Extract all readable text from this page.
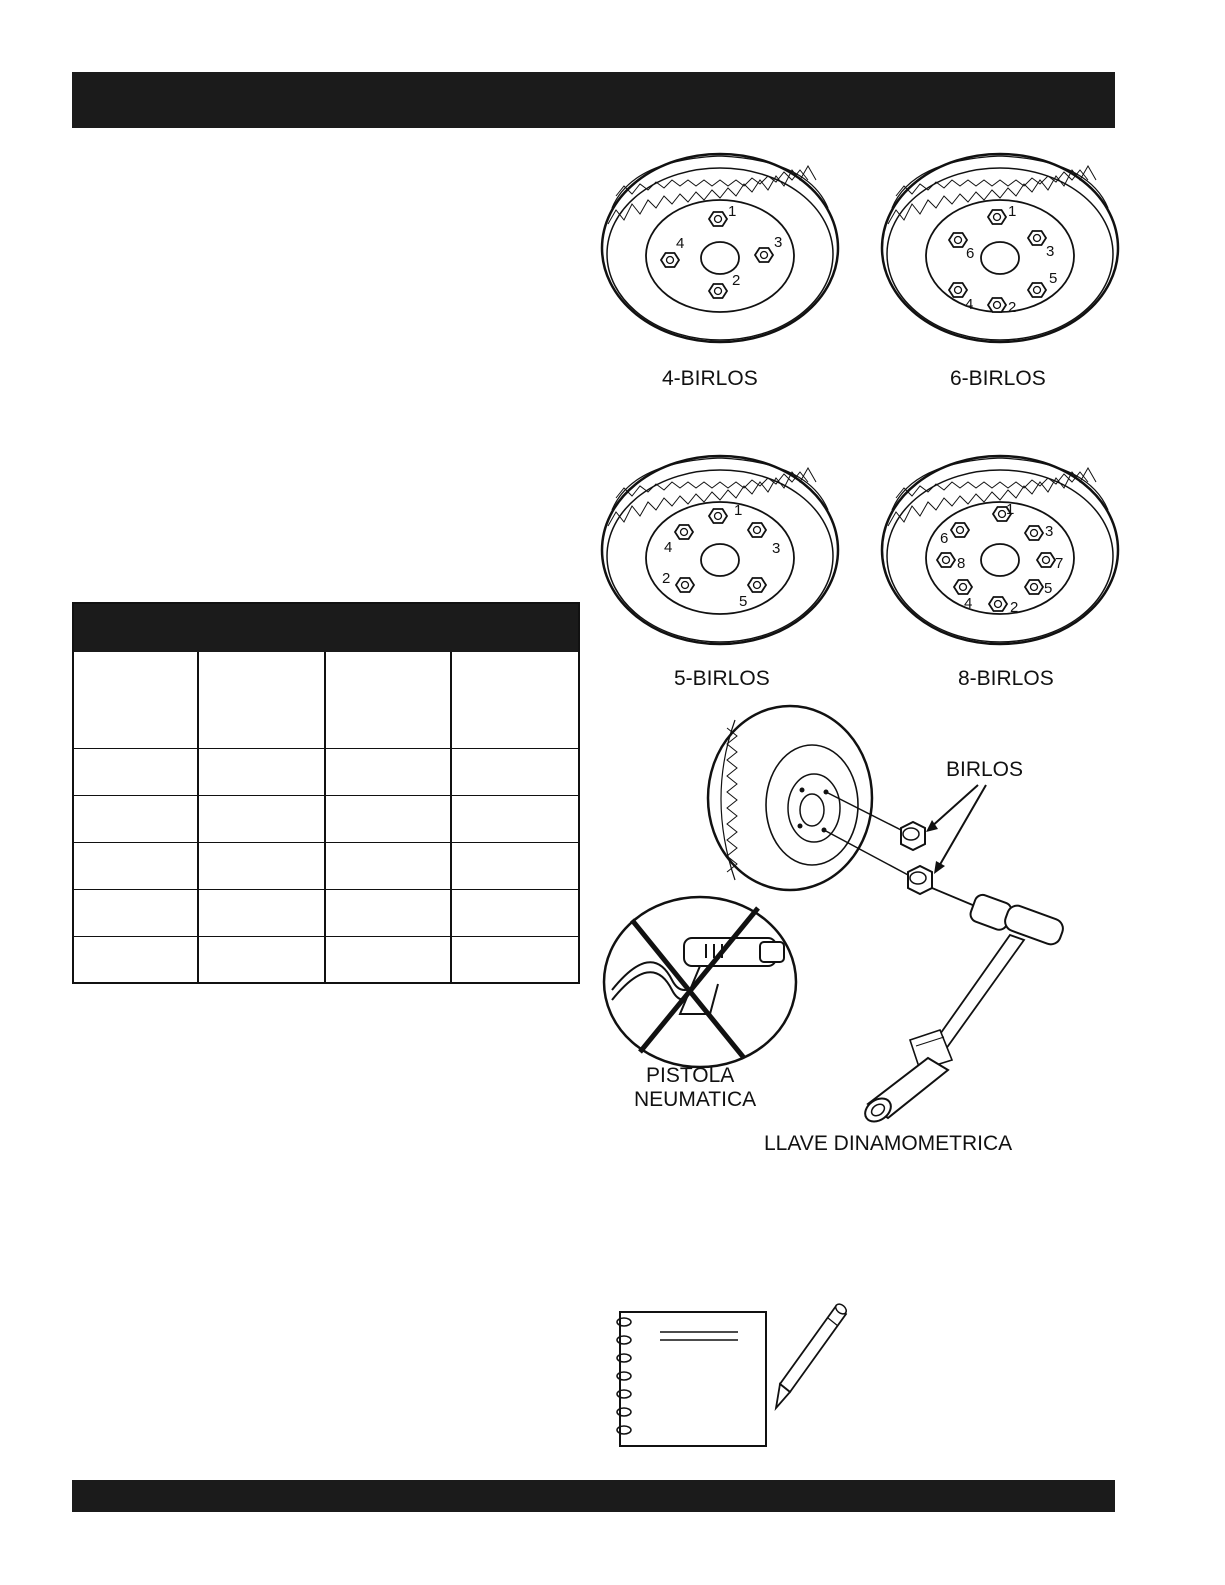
1
2
3
4
4-BIRLOS
1
2
3
4
5
6
6-BIRLOS
1
2
3
4
5
5-BIRLOS
1
2
3
4
5
6
7
8
8-BIRLOS
BIRLOS
LLAVE DINAMOMETRICA
PISTOLA
NEUMATICA
